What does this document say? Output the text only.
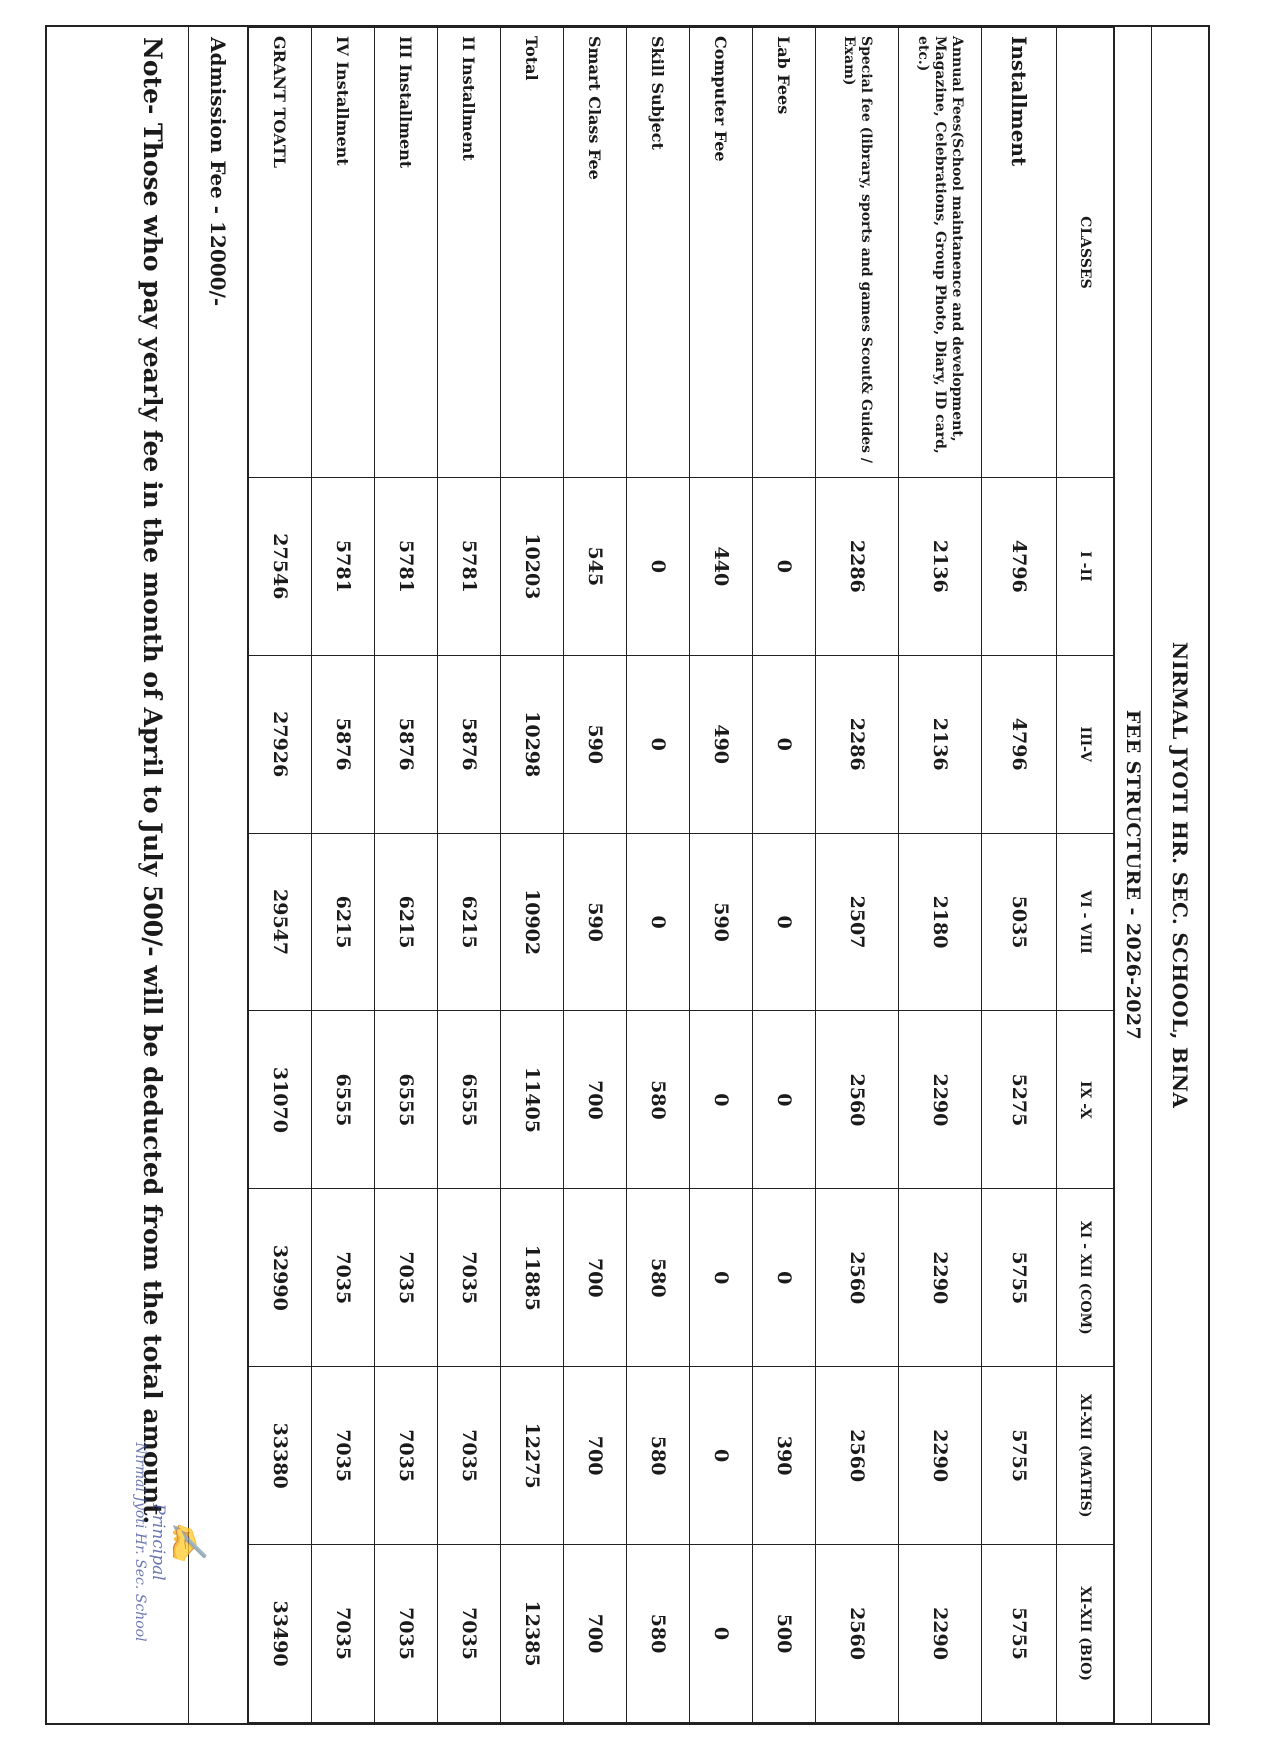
NIRMAL JYOTI HR. SEC. SCHOOL, BINA
FEE STRUCTURE - 2026-2027
CLASSES	I -II	III-V	VI - VIII	IX -X	XI - XII (COM)	XI-XII (MATHS)	XI-XII (BIO)
Installment	4796	4796	5035	5275	5755	5755	5755
Annual Fees(School maintanence and development, Magazine, Celebrations, Group Photo, Diary, ID card, etc.)	2136	2136	2180	2290	2290	2290	2290
Special fee (library, sports and games Scout& Guides / Exam)	2286	2286	2507	2560	2560	2560	2560
Lab Fees	0	0	0	0	0	390	500
Computer Fee	440	490	590	0	0	0	0
Skill Subject	0	0	0	580	580	580	580
Smart Class Fee	545	590	590	700	700	700	700
Total	10203	10298	10902	11405	11885	12275	12385
II Installment	5781	5876	6215	6555	7035	7035	7035
III Installment	5781	5876	6215	6555	7035	7035	7035
IV Installment	5781	5876	6215	6555	7035	7035	7035
GRANT TOATL	27546	27926	29547	31070	32990	33380	33490
Admission Fee - 12000/-
Note- Those who pay yearly fee in the month of April to July 500/- will be deducted from the total amount.
✍
Principal
Nirmal Jyoti Hr. Sec. School
